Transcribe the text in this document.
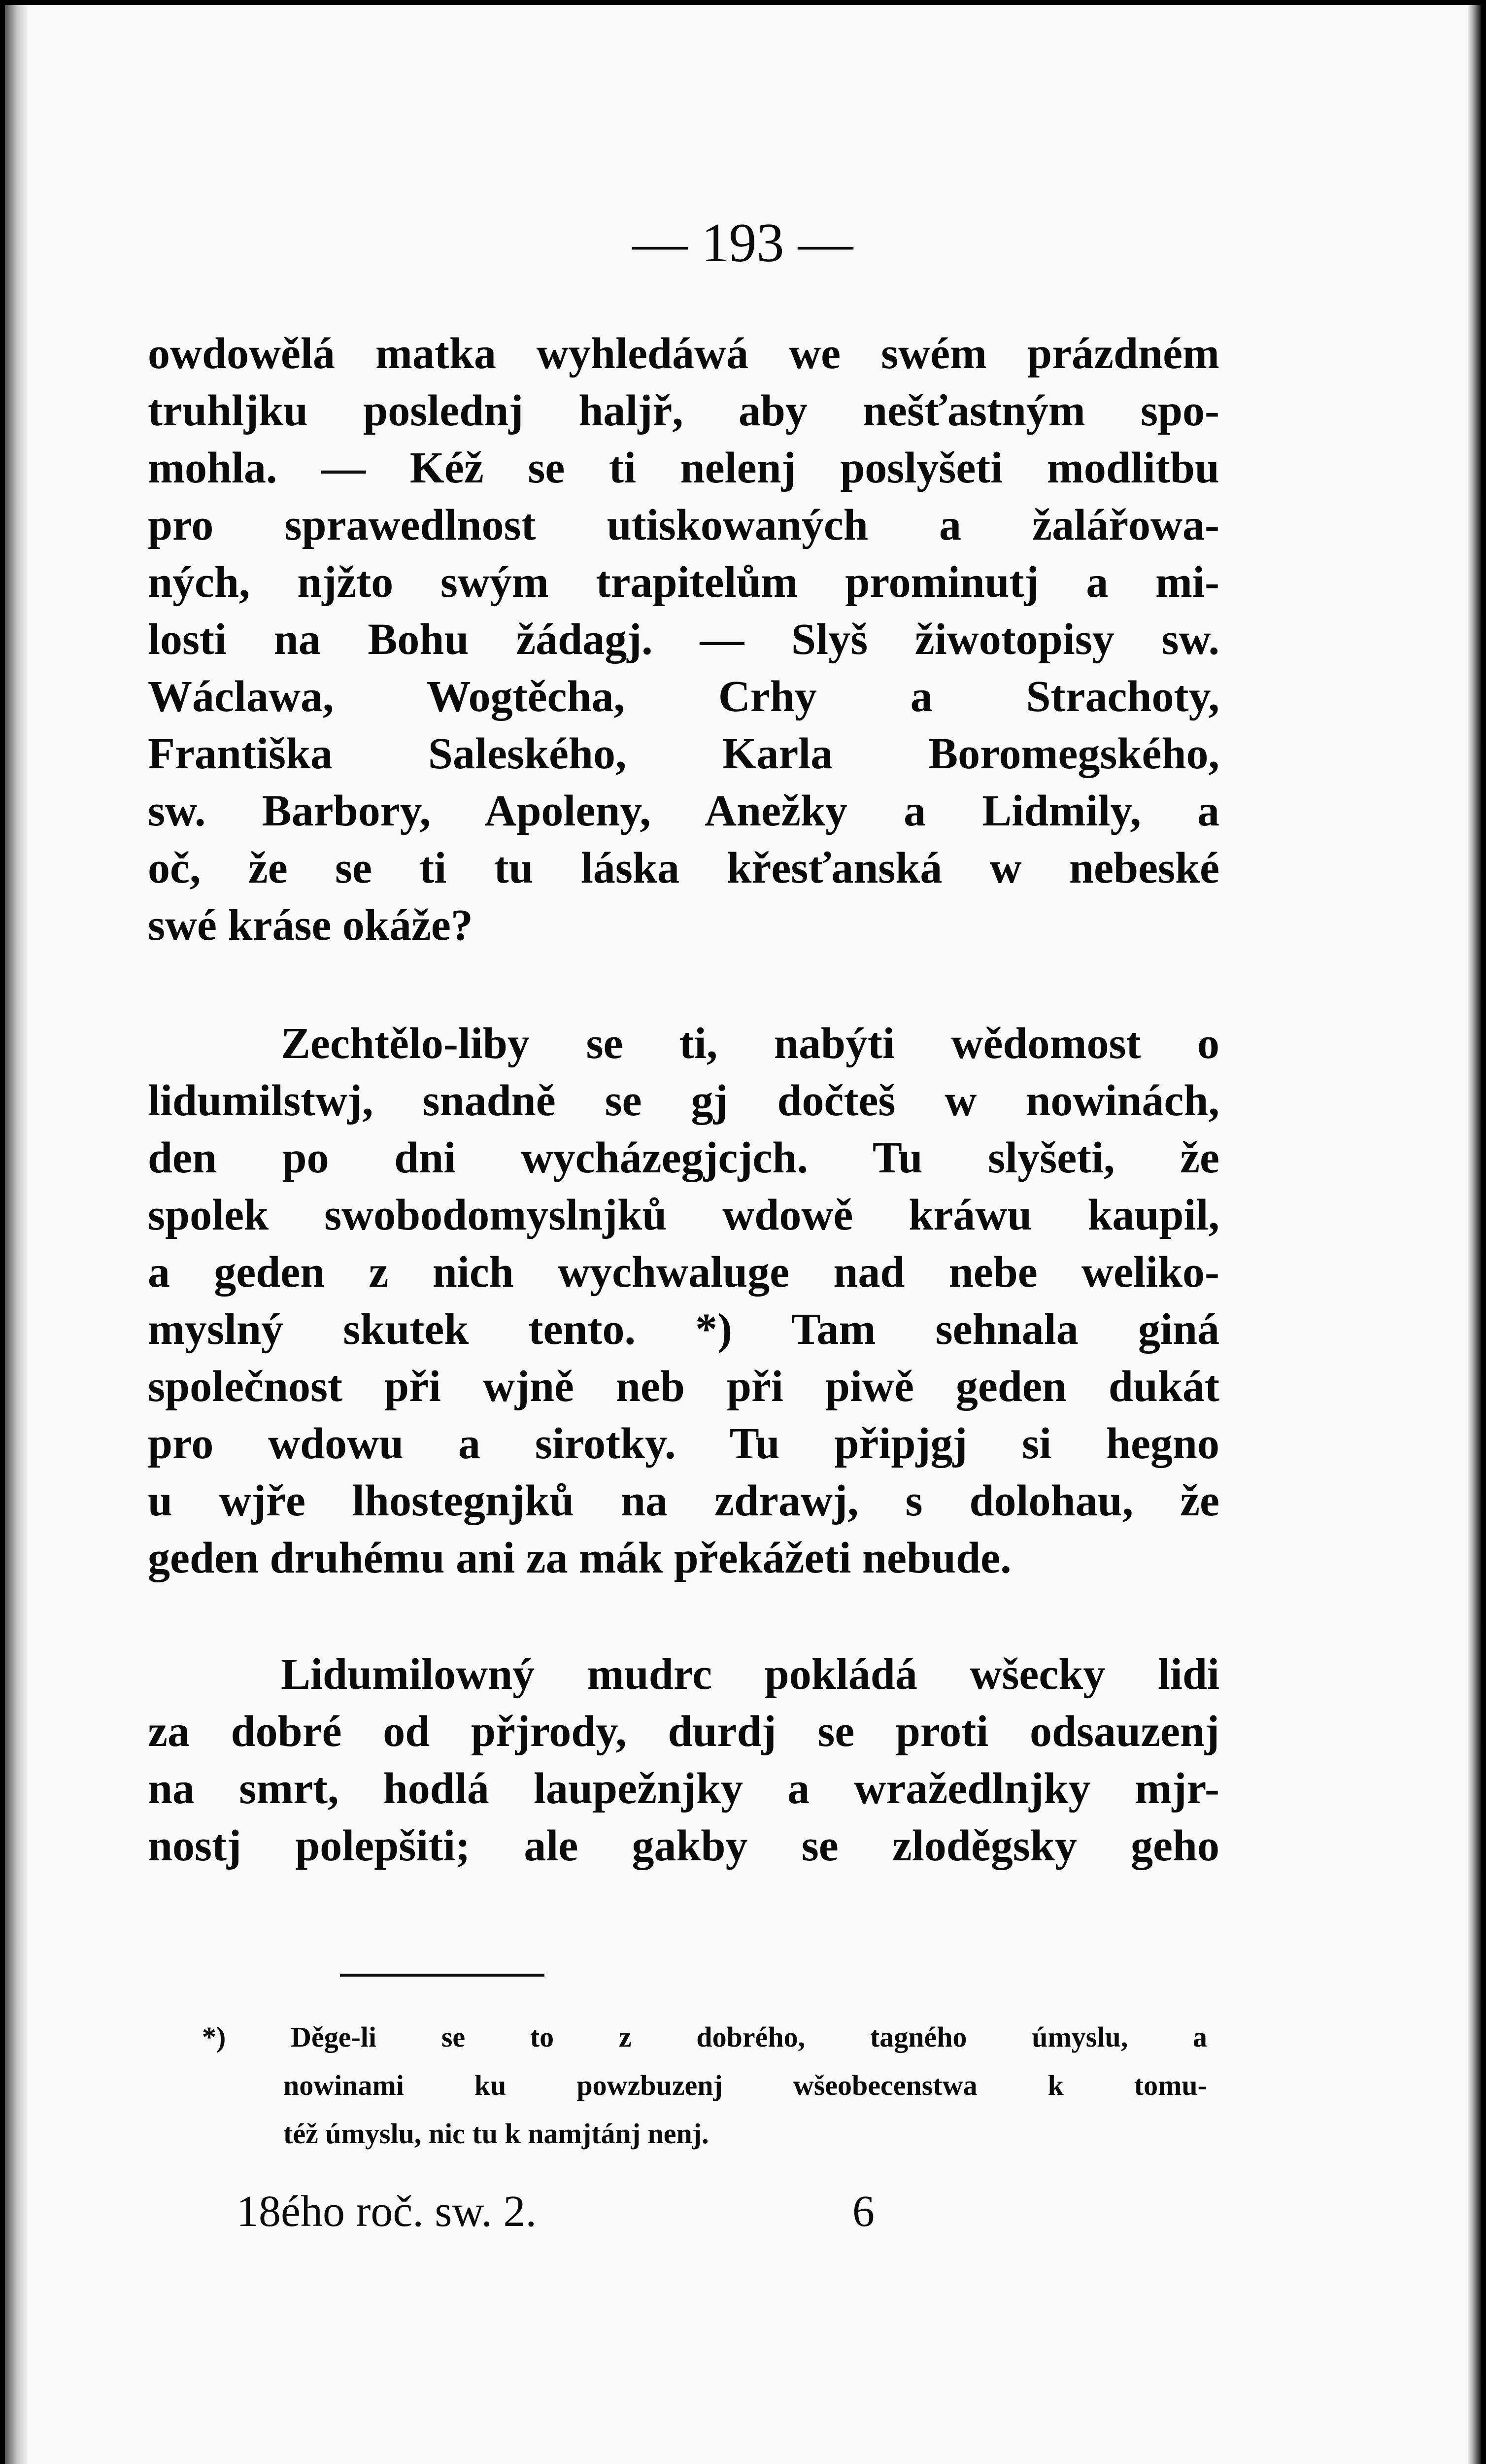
— 193 —
owdowělá matka wyhledáwá we swém prázdném
truhljku poslednj haljř, aby nešťastným spo-
mohla. — Kéž se ti nelenj poslyšeti modlitbu
pro sprawedlnost utiskowaných a žalářowa-
ných, njžto swým trapitelům prominutj a mi-
losti na Bohu žádagj. — Slyš žiwotopisy sw.
Wáclawa, Wogtěcha, Crhy a Strachoty,
Františka Saleského, Karla Boromegského,
sw. Barbory, Apoleny, Anežky a Lidmily, a
oč, že se ti tu láska křesťanská w nebeské
swé kráse okáže?
Zechtělo-liby se ti, nabýti wědomost o
lidumilstwj, snadně se gj dočteš w nowinách,
den po dni wycházegjcjch. Tu slyšeti, že
spolek swobodomyslnjků wdowě kráwu kaupil,
a geden z nich wychwaluge nad nebe weliko-
myslný skutek tento. *) Tam sehnala giná
společnost při wjně neb při piwě geden dukát
pro wdowu a sirotky. Tu připjgj si hegno
u wjře lhostegnjků na zdrawj, s dolohau, že
geden druhému ani za mák překážeti nebude.
Lidumilowný mudrc pokládá wšecky lidi
za dobré od přjrody, durdj se proti odsauzenj
na smrt, hodlá laupežnjky a wražedlnjky mjr-
nostj polepšiti; ale gakby se zloděgsky geho
*) Děge-li se to z dobrého, tagného úmyslu, a
nowinami ku powzbuzenj wšeobecenstwa k tomu-
též úmyslu, nic tu k namjtánj nenj.
18ého roč. sw. 2.	6
